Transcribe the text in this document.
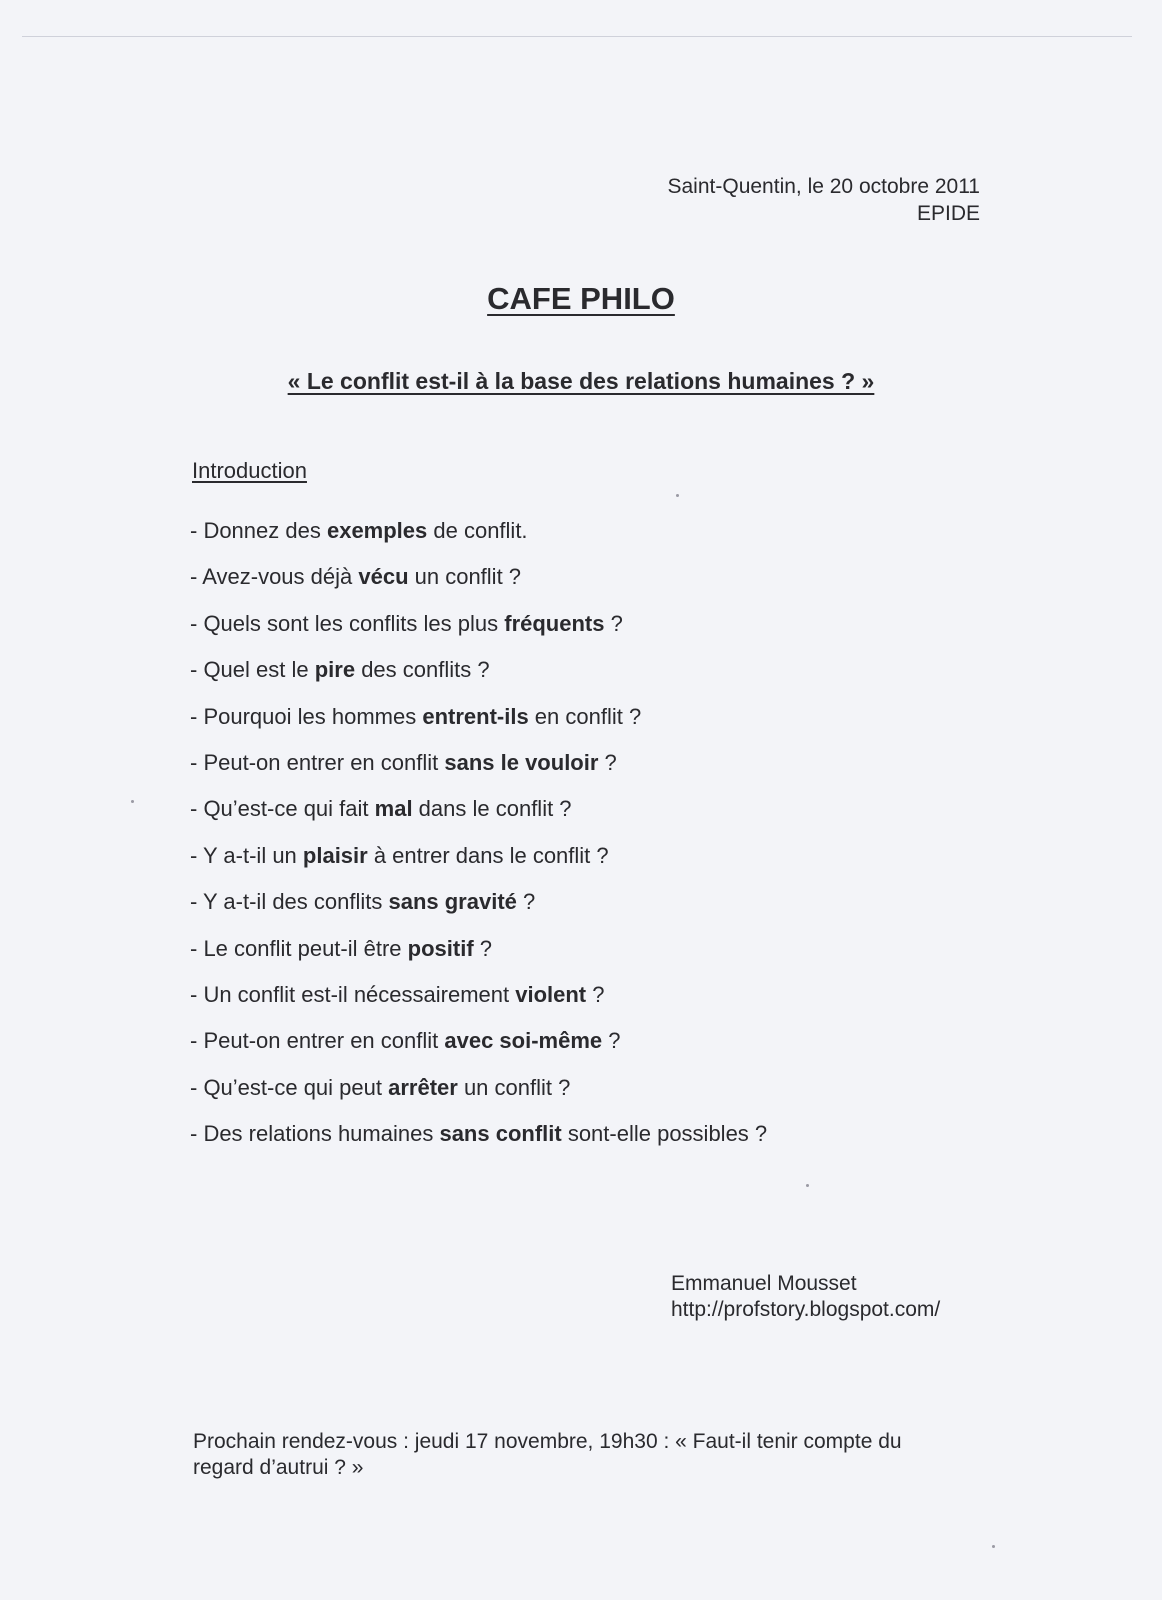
Saint-Quentin, le 20 octobre 2011
EPIDE
CAFE PHILO
« Le conflit est-il à la base des relations humaines ? »
Introduction
- Donnez des exemples de conflit.
- Avez-vous déjà vécu un conflit ?
- Quels sont les conflits les plus fréquents ?
- Quel est le pire des conflits ?
- Pourquoi les hommes entrent-ils en conflit ?
- Peut-on entrer en conflit sans le vouloir ?
- Qu’est-ce qui fait mal dans le conflit ?
- Y a-t-il un plaisir à entrer dans le conflit ?
- Y a-t-il des conflits sans gravité ?
- Le conflit peut-il être positif ?
- Un conflit est-il nécessairement violent ?
- Peut-on entrer en conflit avec soi-même ?
- Qu’est-ce qui peut arrêter un conflit ?
- Des relations humaines sans conflit sont-elle possibles ?
Emmanuel Mousset
http://profstory.blogspot.com/
Prochain rendez-vous : jeudi 17 novembre, 19h30 : « Faut-il tenir compte du
regard d’autrui ? »
